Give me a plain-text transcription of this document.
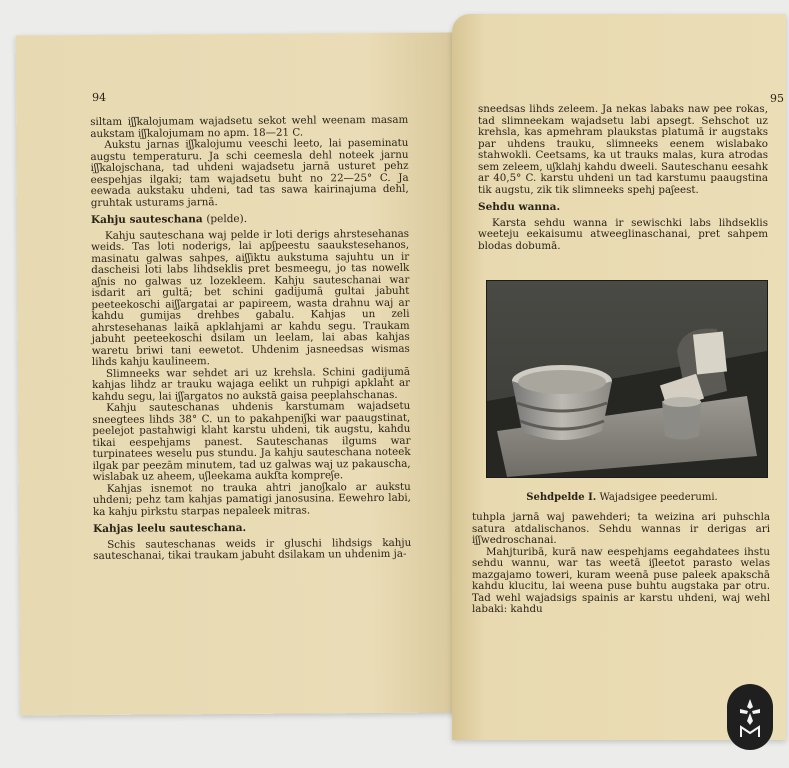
94

siltam iʃʃkalojumam wajadsetu sekot wehl weenam masam aukstam iʃʃkalojumam no apm. 18—21 C.

Aukstu jarnas iʃʃkalojumu veeschi leeto, lai paseminatu augstu temperaturu. Ja schi ceemesla dehl noteek jarnu iʃʃkalojschana, tad uhdeni wajadsetu jarnā usturet pehz eespehjas ilgaki; tam wajadsetu buht no 22—25° C. Ja eewada aukstaku uhdeni, tad tas sawa kairinajuma dehl, gruhtak usturams jarnā.

Kahju sauteschana (pelde).

Kahju sauteschana waj pelde ir loti derigs ahrstesehanas weids. Tas loti noderigs, lai apʃpeestu saaukstesehanos, masinatu galwas sahpes, aiʃʃiktu aukstuma sajuhtu un ir dascheisi loti labs lihdseklis pret besmeegu, jo tas nowelk aʃnis no galwas uz lozekleem. Kahju sauteschanai war isdarit ari gultā; bet schini gadijumā gultai jabuht peeteekoschi aiʃʃargatai ar papireem, wasta drahnu waj ar kahdu gumijas drehbes gabalu. Kahjas un zeli ahrstesehanas laikā apklahjami ar kahdu segu. Traukam jabuht peeteekoschi dsilam un leelam, lai abas kahjas waretu briwi tani eewetot. Uhdenim jasneedsas wismas lihds kahju kaulineem.

Slimneeks war sehdet ari uz krehsla. Schini gadijumā kahjas lihdz ar trauku wajaga eelikt un ruhpigi apklaht ar kahdu segu, lai iʃʃargatos no aukstā gaisa peeplahschanas.

Kahju sauteschanas uhdenis karstumam wajadsetu sneegtees lihds 38° C. un to pakahpeniʃki war paaugstinat, peelejot pastahwigi klaht karstu uhdeni, tik augstu, kahdu tikai eespehjams panest. Sauteschanas ilgums war turpinatees weselu pus stundu. Ja kahju sauteschana noteek ilgak par peezām minutem, tad uz galwas waj uz pakauscha, wislabak uz aheem, uʃleekama aukſta kompreʃe.

Kahjas isnemot no trauka ahtri janoʃkalo ar aukstu uhdeni; pehz tam kahjas pamatigi janosusina. Eewehro labi, ka kahju pirkstu starpas nepaleek mitras.

Kahjas leelu sauteschana.

Schis sauteschanas weids ir gluschi lihdsigs kahju sauteschanai, tikai traukam jabuht dsilakam un uhdenim ja-

95

sneedsas lihds zeleem. Ja nekas labaks naw pee rokas, tad slimneekam wajadsetu labi apsegt. Sehschot uz krehsla, kas apmehram plaukstas platumā ir augstaks par uhdens trauku, slimneeks eenem wislabako stahwokli. Ceetsams, ka ut trauks malas, kura atrodas sem zeleem, uʃklahj kahdu dweeli. Sauteschanu eesahk ar 40,5° C. karstu uhdeni un tad karstumu paaugstina tik augstu, zik tik slimneeks spehj paʃeest.

Sehdu wanna.

Karsta sehdu wanna ir sewischki labs lihdseklis weeteju eekaisumu atweeglinaschanai, pret sahpem blodas dobumā.

Sehdpelde I. Wajadsigee peederumi.

tuhpla jarnā waj pawehderi; ta weizina ari puhschla satura atdalischanos. Sehdu wannas ir derigas ari iʃʃwedroschanai.

Mahjturibā, kurā naw eespehjams eegahdatees ihstu sehdu wannu, war tas weetā iʃleetot parasto welas mazgajamo toweri, kuram weenā puse paleek apakschā kahdu klucitu, lai weena puse buhtu augstaka par otru. Tad wehl wajadsigs spainis ar karstu uhdeni, waj wehl labaki: kahdu
